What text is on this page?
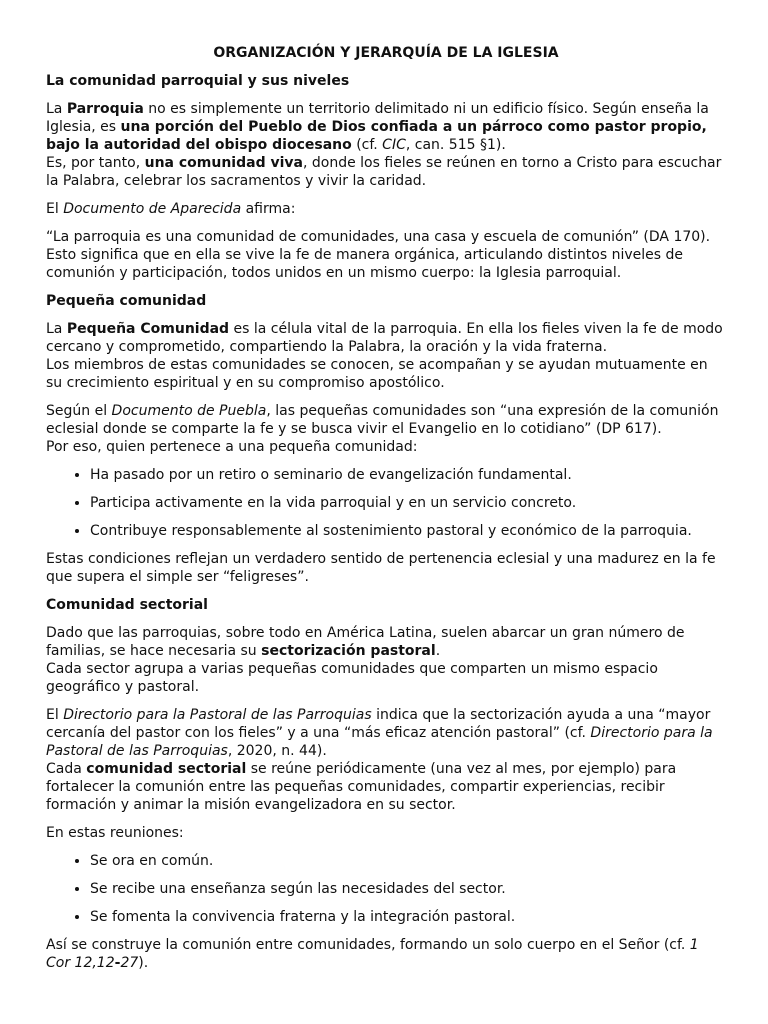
ORGANIZACIÓN Y JERARQUÍA DE LA IGLESIA
La comunidad parroquial y sus niveles

La Parroquia no es simplemente un territorio delimitado ni un edificio físico. Según enseña la Iglesia, es una porción del Pueblo de Dios confiada a un párroco como pastor propio, bajo la autoridad del obispo diocesano (cf. CIC, can. 515 §1).

Es, por tanto, una comunidad viva, donde los fieles se reúnen en torno a Cristo para escuchar la Palabra, celebrar los sacramentos y vivir la caridad.

El Documento de Aparecida afirma:

“La parroquia es una comunidad de comunidades, una casa y escuela de comunión” (DA 170).

Esto significa que en ella se vive la fe de manera orgánica, articulando distintos niveles de comunión y participación, todos unidos en un mismo cuerpo: la Iglesia parroquial.

Pequeña comunidad

La Pequeña Comunidad es la célula vital de la parroquia. En ella los fieles viven la fe de modo cercano y comprometido, compartiendo la Palabra, la oración y la vida fraterna.

Los miembros de estas comunidades se conocen, se acompañan y se ayudan mutuamente en su crecimiento espiritual y en su compromiso apostólico.

Según el Documento de Puebla, las pequeñas comunidades son “una expresión de la comunión eclesial donde se comparte la fe y se busca vivir el Evangelio en lo cotidiano” (DP 617).

Por eso, quien pertenece a una pequeña comunidad:

• Ha pasado por un retiro o seminario de evangelización fundamental.
• Participa activamente en la vida parroquial y en un servicio concreto.
• Contribuye responsablemente al sostenimiento pastoral y económico de la parroquia.

Estas condiciones reflejan un verdadero sentido de pertenencia eclesial y una madurez en la fe que supera el simple ser “feligreses”.

Comunidad sectorial

Dado que las parroquias, sobre todo en América Latina, suelen abarcar un gran número de familias, se hace necesaria su sectorización pastoral.

Cada sector agrupa a varias pequeñas comunidades que comparten un mismo espacio geográfico y pastoral.

El Directorio para la Pastoral de las Parroquias indica que la sectorización ayuda a una “mayor cercanía del pastor con los fieles” y a una “más eficaz atención pastoral” (cf. Directorio para la Pastoral de las Parroquias, 2020, n. 44).

Cada comunidad sectorial se reúne periódicamente (una vez al mes, por ejemplo) para fortalecer la comunión entre las pequeñas comunidades, compartir experiencias, recibir formación y animar la misión evangelizadora en su sector.

En estas reuniones:

• Se ora en común.
• Se recibe una enseñanza según las necesidades del sector.
• Se fomenta la convivencia fraterna y la integración pastoral.

Así se construye la comunión entre comunidades, formando un solo cuerpo en el Señor (cf. 1 Cor 12,12-27).
